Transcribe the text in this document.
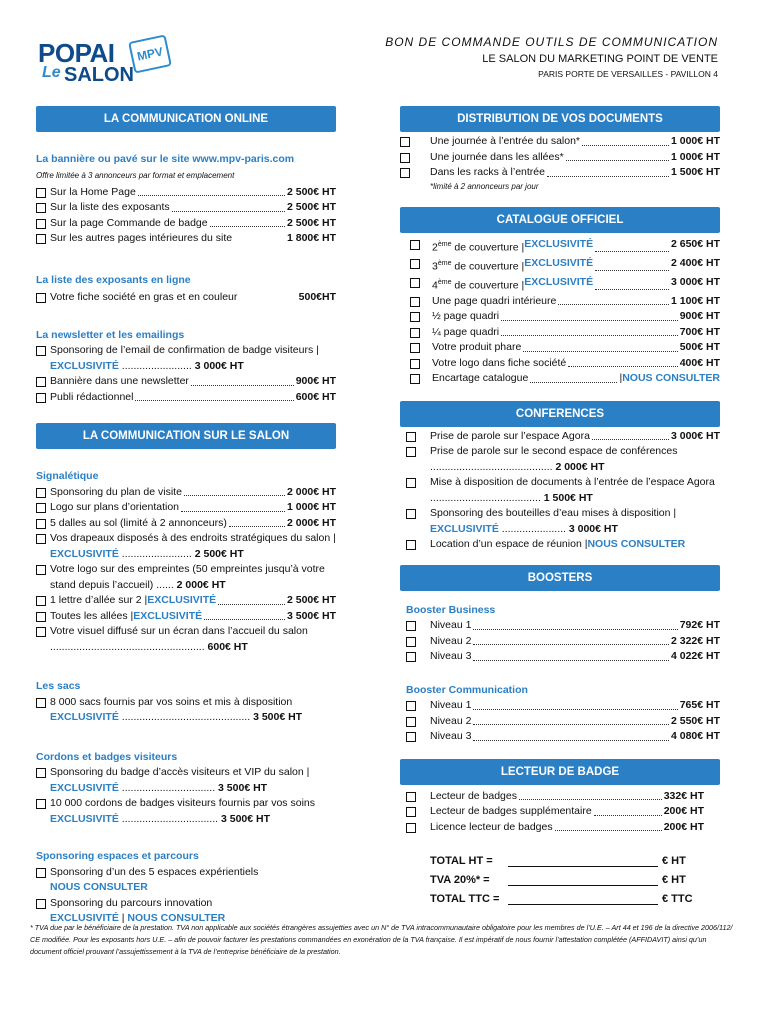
POPAI	MPV
Le SALON
BON DE COMMANDE OUTILS DE COMMUNICATION
LE SALON DU MARKETING POINT DE VENTE
PARIS PORTE DE VERSAILLES - PAVILLON 4
LA COMMUNICATION ONLINE
La bannière ou pavé sur le site www.mpv-paris.com
Offre limitée à 3 annonceurs par format et emplacement
Sur la Home Page	2 500€ HT
Sur la liste des exposants	2 500€ HT
Sur la page Commande de badge	2 500€ HT
Sur les autres pages intérieures du site	1 800€ HT
La liste des exposants en ligne
Votre fiche société en gras et en couleur	500€HT
La newsletter et les emailings
Sponsoring de l’email de confirmation de badge visiteurs | EXCLUSIVITÉ ........................ 3 000€ HT
Bannière dans une newsletter	900€ HT
Publi rédactionnel	600€ HT
LA COMMUNICATION SUR LE SALON
Signalétique
Sponsoring du plan de visite	2 000€ HT
Logo sur plans d’orientation	1 000€ HT
5 dalles au sol (limité à 2 annonceurs)	2 000€ HT
Vos drapeaux disposés à des endroits stratégiques du salon | EXCLUSIVITÉ ........................ 2 500€ HT
Votre logo sur des empreintes (50 empreintes jusqu’à votre stand depuis l’accueil) ...... 2 000€ HT
1 lettre d’allée sur 2 | EXCLUSIVITÉ	2 500€ HT
Toutes les allées | EXCLUSIVITÉ	3 500€ HT
Votre visuel diffusé sur un écran dans l’accueil du salon ..................................................... 600€ HT
Les sacs
8 000 sacs fournis par vos soins et mis à disposition
EXCLUSIVITÉ ............................................ 3 500€ HT
Cordons et badges visiteurs
Sponsoring du badge d’accès visiteurs et VIP du salon | EXCLUSIVITÉ ................................ 3 500€ HT
10 000 cordons de badges visiteurs fournis par vos soins EXCLUSIVITÉ ................................. 3 500€ HT
Sponsoring espaces et parcours
Sponsoring d’un des 5 espaces expérientiels
NOUS CONSULTER
Sponsoring du parcours innovation
EXCLUSIVITÉ | NOUS CONSULTER
DISTRIBUTION DE VOS DOCUMENTS
Une journée à l’entrée du salon*	1 000€ HT
Une journée dans les allées*	1 000€ HT
Dans les racks à l’entrée	1 500€ HT
*limité à 2 annonceurs par jour
CATALOGUE OFFICIEL
2ème de couverture | EXCLUSIVITÉ	2 650€ HT
3ème de couverture | EXCLUSIVITÉ	2 400€ HT
4ème de couverture | EXCLUSIVITÉ	3 000€ HT
Une page quadri intérieure	1 100€ HT
½ page quadri	900€ HT
¼ page quadri	700€ HT
Votre produit phare	500€ HT
Votre logo dans fiche société	400€ HT
Encartage catalogue	| NOUS CONSULTER
CONFERENCES
Prise de parole sur l’espace Agora	3 000€ HT
Prise de parole sur le second espace de conférences .......................................... 2 000€ HT
Mise à disposition de documents à l’entrée de l’espace Agora ...................................... 1 500€ HT
Sponsoring des bouteilles d’eau mises à disposition | EXCLUSIVITÉ ...................... 3 000€ HT
Location d’un espace de réunion | NOUS CONSULTER
BOOSTERS
Booster Business
Niveau 1	792€ HT
Niveau 2	2 322€ HT
Niveau 3	4 022€ HT
Booster Communication
Niveau 1	765€ HT
Niveau 2	2 550€ HT
Niveau 3	4 080€ HT
LECTEUR DE BADGE
Lecteur de badges	332€ HT
Lecteur de badges supplémentaire	200€ HT
Licence lecteur de badges	200€ HT
TOTAL HT =	€ HT
TVA 20%* =	€ HT
TOTAL TTC =	€ TTC
* TVA due par le bénéficiaire de la prestation. TVA non applicable aux sociétés étrangères assujetties avec un N° de TVA intracommunautaire obligatoire pour les membres de l’U.E. – Art 44 et 196 de la directive 2006/112/ CE modifiée. Pour les exposants hors U.E. – afin de pouvoir facturer les prestations commandées en exonération de la TVA française. Il est impératif de nous fournir l’attestation complétée (AFFIDAVIT) ainsi qu’un document officiel prouvant l’assujettissement à la TVA de l’entreprise bénéficiaire de la prestation.
